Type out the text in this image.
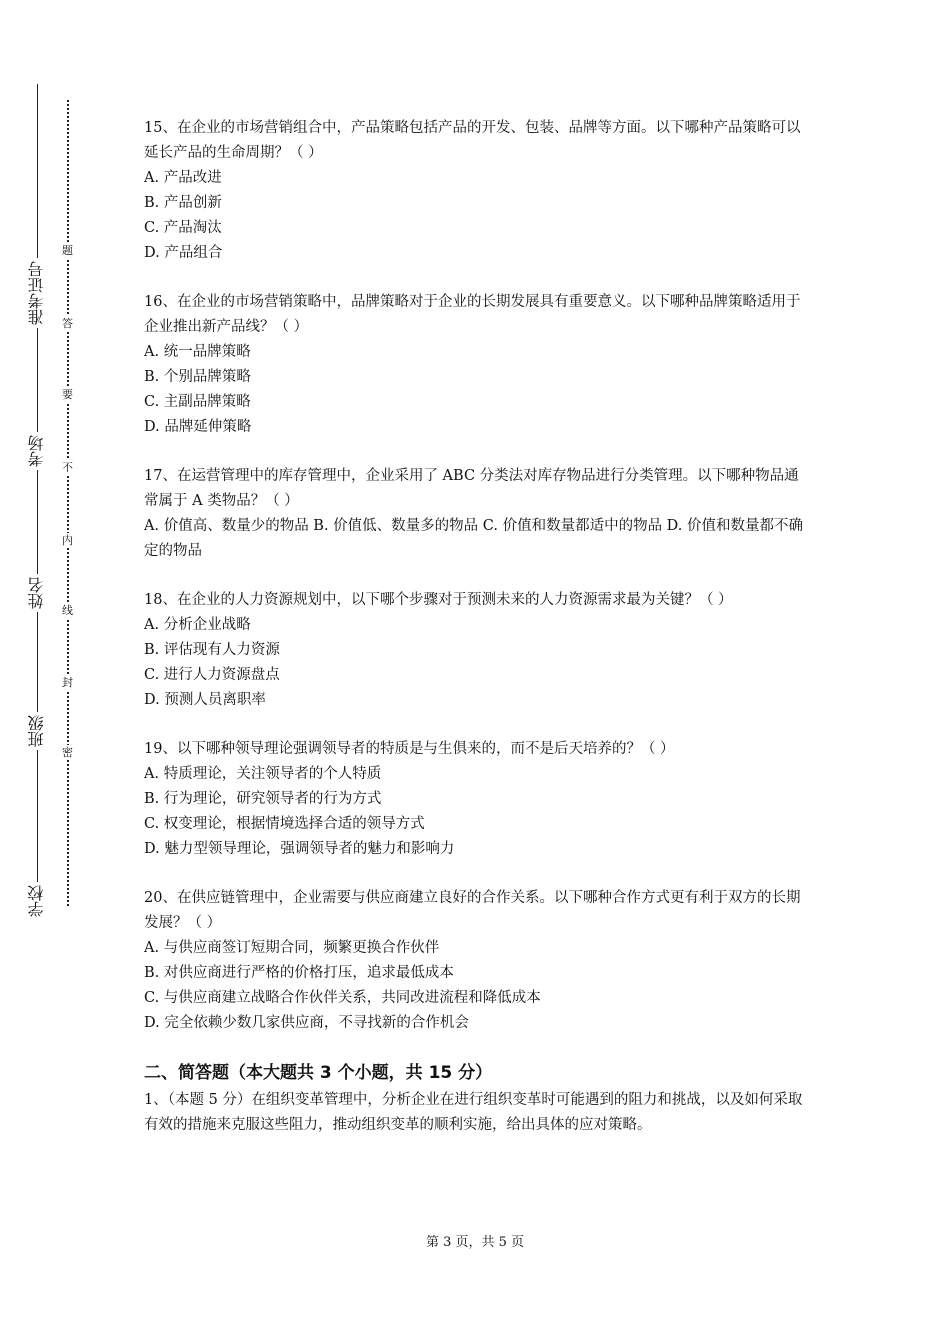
准考证号
考场
姓名
班级
学校
题
答
要
不
内
线
封
密

15、在企业的市场营销组合中，产品策略包括产品的开发、包装、品牌等方面。以下哪种产品策略可以延长产品的生命周期？（ ）

A. 产品改进

B. 产品创新

C. 产品淘汰

D. 产品组合

16、在企业的市场营销策略中，品牌策略对于企业的长期发展具有重要意义。以下哪种品牌策略适用于企业推出新产品线？（ ）

A. 统一品牌策略

B. 个别品牌策略

C. 主副品牌策略

D. 品牌延伸策略

17、在运营管理中的库存管理中，企业采用了 ABC 分类法对库存物品进行分类管理。以下哪种物品通常属于 A 类物品？（ ）

A. 价值高、数量少的物品 B. 价值低、数量多的物品 C. 价值和数量都适中的物品 D. 价值和数量都不确定的物品

18、在企业的人力资源规划中，以下哪个步骤对于预测未来的人力资源需求最为关键？（ ）

A. 分析企业战略

B. 评估现有人力资源

C. 进行人力资源盘点

D. 预测人员离职率

19、以下哪种领导理论强调领导者的特质是与生俱来的，而不是后天培养的？（ ）

A. 特质理论，关注领导者的个人特质

B. 行为理论，研究领导者的行为方式

C. 权变理论，根据情境选择合适的领导方式

D. 魅力型领导理论，强调领导者的魅力和影响力

20、在供应链管理中，企业需要与供应商建立良好的合作关系。以下哪种合作方式更有利于双方的长期发展？（ ）

A. 与供应商签订短期合同，频繁更换合作伙伴

B. 对供应商进行严格的价格打压，追求最低成本

C. 与供应商建立战略合作伙伴关系，共同改进流程和降低成本

D. 完全依赖少数几家供应商，不寻找新的合作机会

二、简答题（本大题共 3 个小题，共 15 分）

1、（本题 5 分）在组织变革管理中，分析企业在进行组织变革时可能遇到的阻力和挑战，以及如何采取有效的措施来克服这些阻力，推动组织变革的顺利实施，给出具体的应对策略。

第 3 页，共 5 页
